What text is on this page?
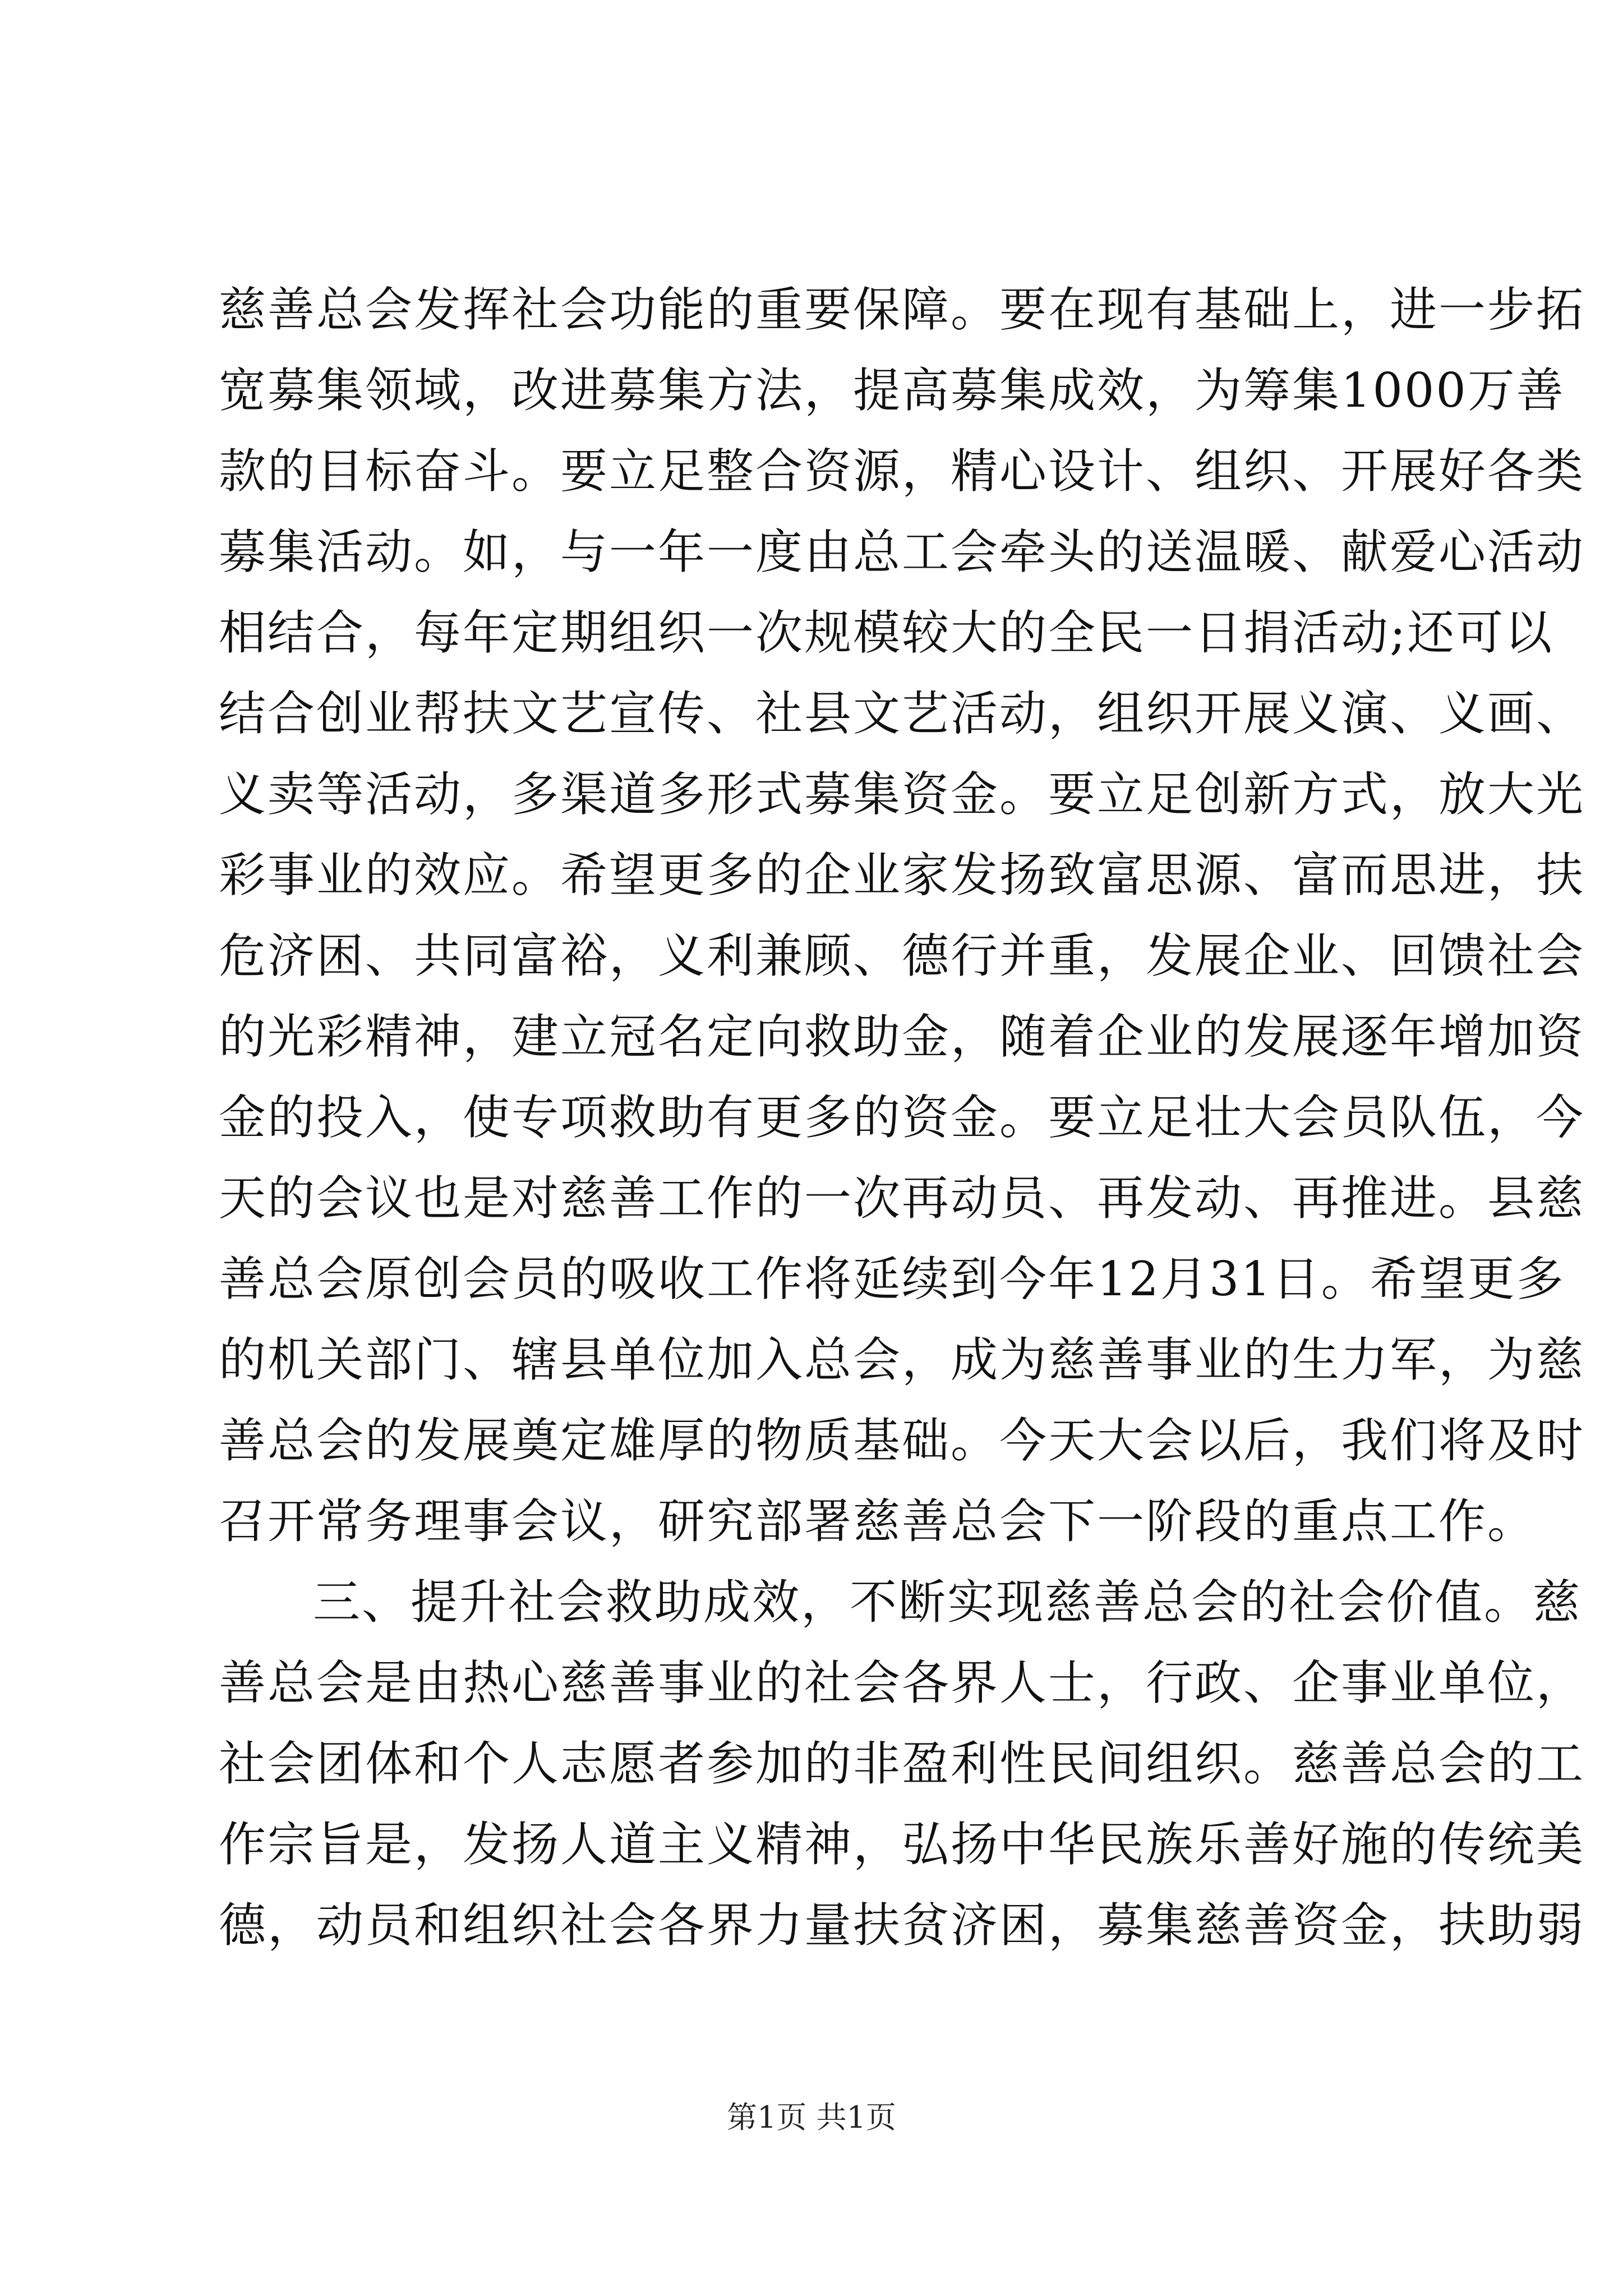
慈善总会发挥社会功能的重要保障。要在现有基础上，进一步拓
宽募集领域，改进募集方法，提高募集成效，为筹集1000万善
款的目标奋斗。要立足整合资源，精心设计、组织、开展好各类
募集活动。如，与一年一度由总工会牵头的送温暖、献爱心活动
相结合，每年定期组织一次规模较大的全民一日捐活动;还可以
结合创业帮扶文艺宣传、社县文艺活动，组织开展义演、义画、
义卖等活动，多渠道多形式募集资金。要立足创新方式，放大光
彩事业的效应。希望更多的企业家发扬致富思源、富而思进，扶
危济困、共同富裕，义利兼顾、德行并重，发展企业、回馈社会
的光彩精神，建立冠名定向救助金，随着企业的发展逐年增加资
金的投入，使专项救助有更多的资金。要立足壮大会员队伍，今
天的会议也是对慈善工作的一次再动员、再发动、再推进。县慈
善总会原创会员的吸收工作将延续到今年12月31日。希望更多
的机关部门、辖县单位加入总会，成为慈善事业的生力军，为慈
善总会的发展奠定雄厚的物质基础。今天大会以后，我们将及时
召开常务理事会议，研究部署慈善总会下一阶段的重点工作。
三、提升社会救助成效，不断实现慈善总会的社会价值。慈
善总会是由热心慈善事业的社会各界人士，行政、企事业单位，
社会团体和个人志愿者参加的非盈利性民间组织。慈善总会的工
作宗旨是，发扬人道主义精神，弘扬中华民族乐善好施的传统美
德，动员和组织社会各界力量扶贫济困，募集慈善资金，扶助弱
第1页 共1页
